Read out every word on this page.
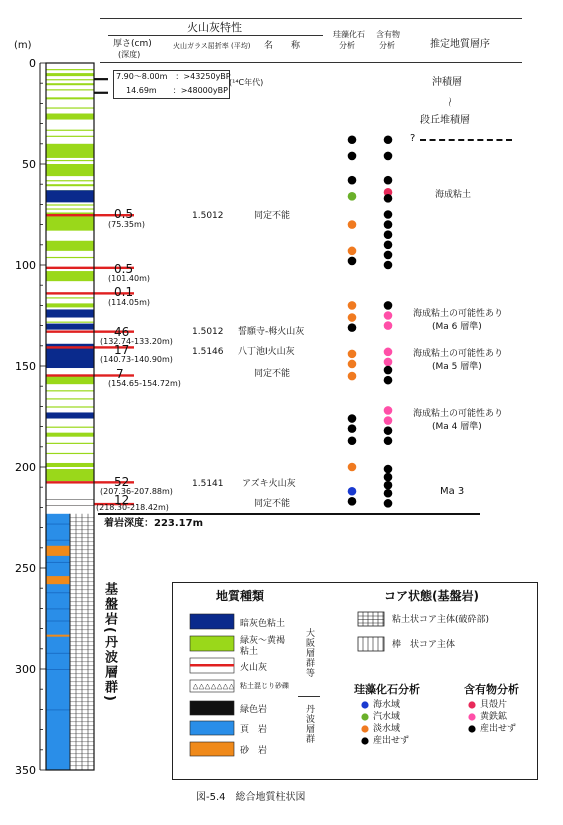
火山灰特性
厚さ(cm)
(深度)
火山ガラス屈折率 (平均) 名　　称
珪藻化石
分析
含有物
分析	推定地質層序
0
50
100
150
200
250
300
350
(m)
7.90〜8.00m　：>43250yBP
14.69m　　：>48000yBP
(¹⁴C年代)
0.5
(75.35m)
1.5012	同定不能
0.5
(101.40m)
0.1
(114.05m)
46
(132.74-133.20m)
1.5012 誓願寺-栂火山灰
17
(140.73-140.90m)
1.5146 八丁池Ⅰ火山灰
7
(154.65-154.72m)
同定不能
52
(207.36-207.88m)
1.5141 アズキ火山灰
12
(218.30-218.42m)	同定不能
着岩深度：223.17m
基盤岩(丹波層群)
沖積層
〜
段丘堆積層
?
海成粘土
海成粘土の可能性あり
(Ma 6 層準)
海成粘土の可能性あり
(Ma 5 層準)
海成粘土の可能性あり
(Ma 4 層準)
Ma 3
地質種類
暗灰色粘土
緑灰〜黄褐
粘土
火山灰
粘土混じり砂礫
緑色岩
頁　岩
砂　岩
大阪層群等
丹波層群
コア状態(基盤岩)
粘土状コア主体(破砕部)
棒　状コア主体
珪藻化石分析
海水域
汽水域
淡水域
産出せず
含有物分析
貝殻片
黄鉄鉱
産出せず
図-5.4　総合地質柱状図
